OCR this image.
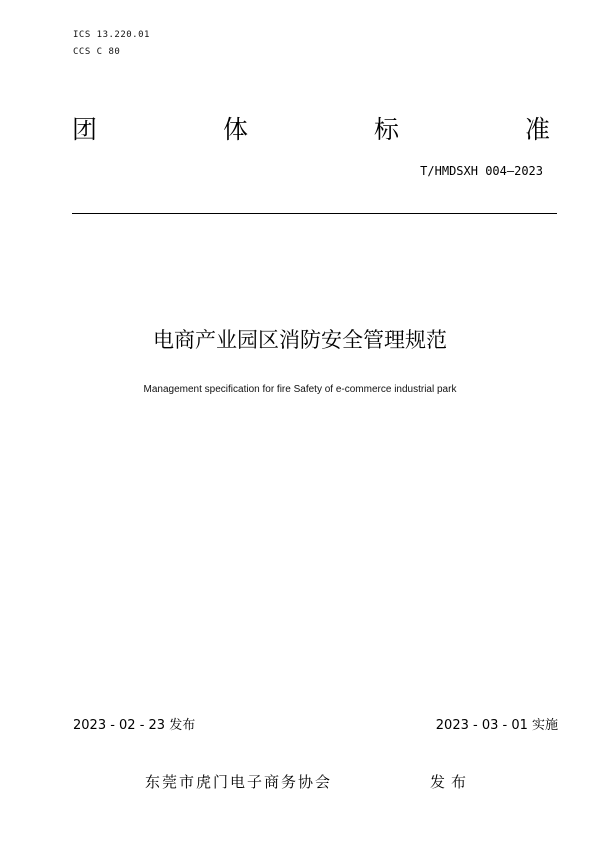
ICS 13.220.01
CCS C 80
团	体	标	准
T/HMDSXH 004—2023
电商产业园区消防安全管理规范
Management specification for fire Safety of e-commerce industrial park
2023 - 02 - 23 发布	2023 - 03 - 01 实施
东莞市虎门电子商务协会	发布
